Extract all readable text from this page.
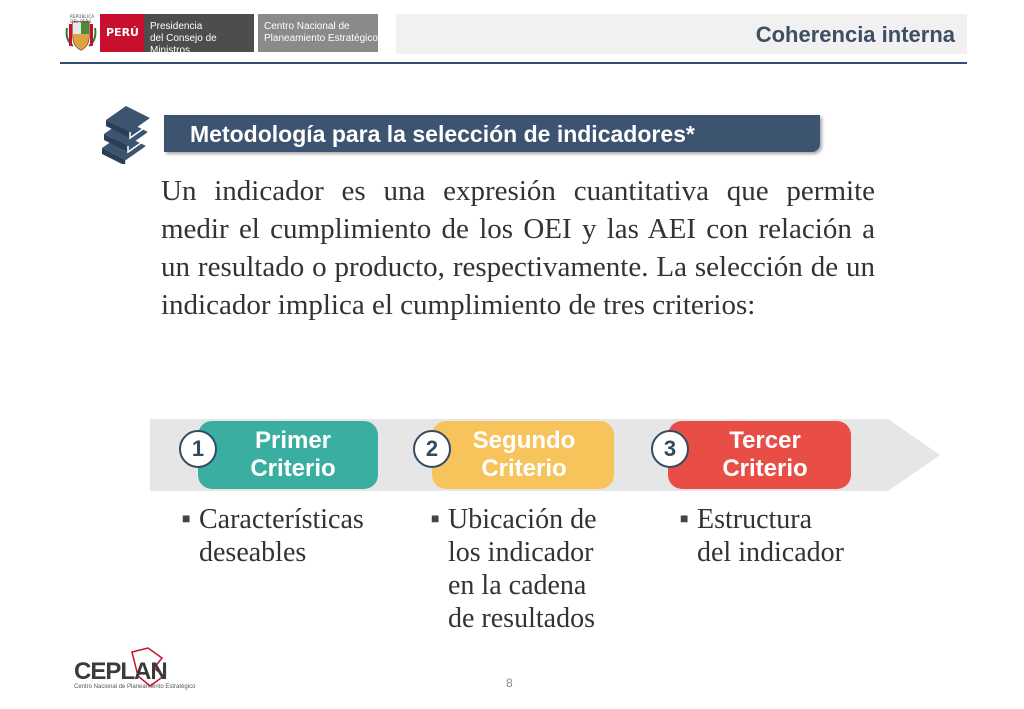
REPÚBLICA DEL PERÚ
PERÚ	Presidencia
del Consejo de Ministros
Centro Nacional de
Planeamiento Estratégico	Coherencia interna
Metodología para la selección de indicadores*

Un indicador es una expresión cuantitativa que permite medir el cumplimiento de los OEI y las AEI con relación a un resultado o producto, respectivamente. La selección de un indicador implica el cumplimiento de tres criterios:

Primer
Criterio
Segundo
Criterio
Tercer
Criterio
1	2	3
■ Características
deseables
■ Ubicación de
los indicador
en la cadena
de resultados
■ Estructura
del indicador
CEPLAN
Centro Nacional de Planeamiento Estratégico	8
